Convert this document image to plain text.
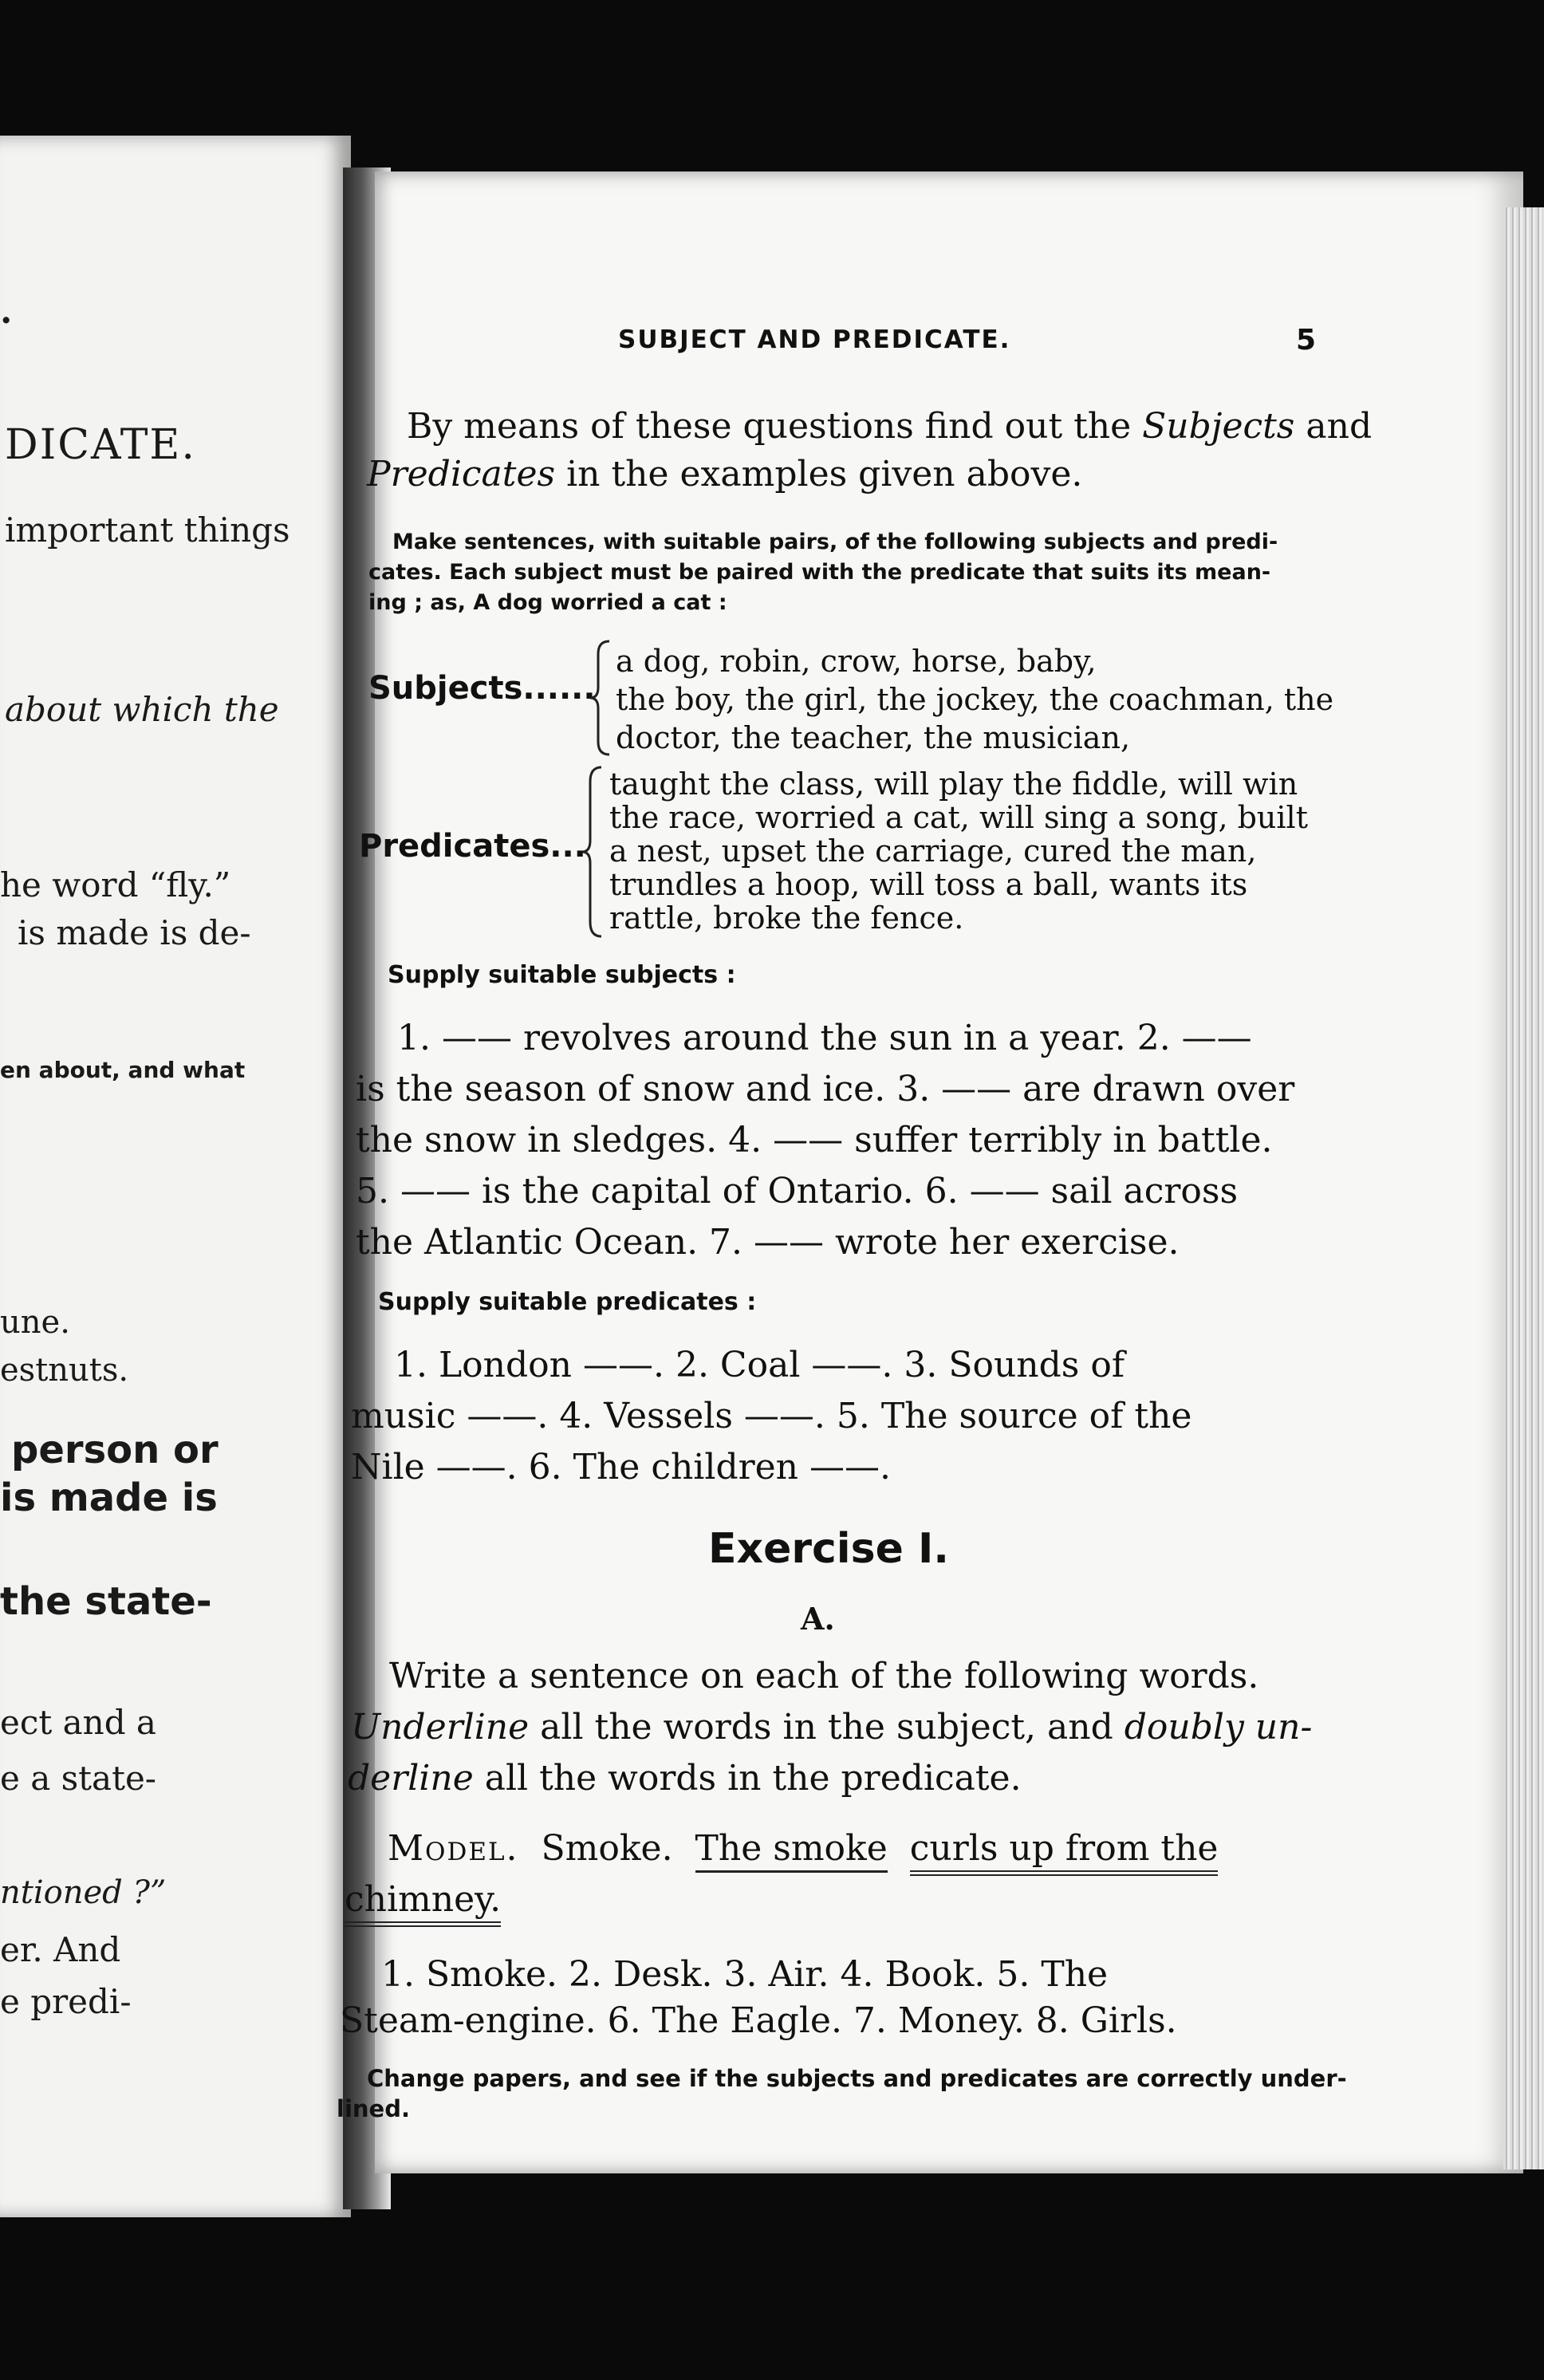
.
DICATE.
important things
about which the
he word “fly.”
is made is de-
en about, and what
une.
estnuts.
person or
is made is
the state-
ect and a
e a state-
ntioned ?”
er. And
e predi-
SUBJECT AND PREDICATE.	5
By means of these questions find out the Subjects and
Predicates in the examples given above.
Make sentences, with suitable pairs, of the following subjects and predi-
cates. Each subject must be paired with the predicate that suits its mean-
ing ; as, A dog worried a cat :
Subjects......
a dog, robin, crow, horse, baby,
the boy, the girl, the jockey, the coachman, the
doctor, the teacher, the musician,
Predicates...
taught the class, will play the fiddle, will win
the race, worried a cat, will sing a song, built
a nest, upset the carriage, cured the man,
trundles a hoop, will toss a ball, wants its
rattle, broke the fence.
Supply suitable subjects :
1. —— revolves around the sun in a year. 2. ——
is the season of snow and ice. 3. —— are drawn over
the snow in sledges. 4. —— suffer terribly in battle.
5. —— is the capital of Ontario. 6. —— sail across
the Atlantic Ocean. 7. —— wrote her exercise.
Supply suitable predicates :
1. London ——. 2. Coal ——. 3. Sounds of
music ——. 4. Vessels ——. 5. The source of the
Nile ——. 6. The children ——.
Exercise I.
A.
Write a sentence on each of the following words.
Underline all the words in the subject, and doubly un-
derline all the words in the predicate.
Model. Smoke. The smoke curls up from the
chimney.
1. Smoke. 2. Desk. 3. Air. 4. Book. 5. The
Steam-engine. 6. The Eagle. 7. Money. 8. Girls.
Change papers, and see if the subjects and predicates are correctly under-
lined.
